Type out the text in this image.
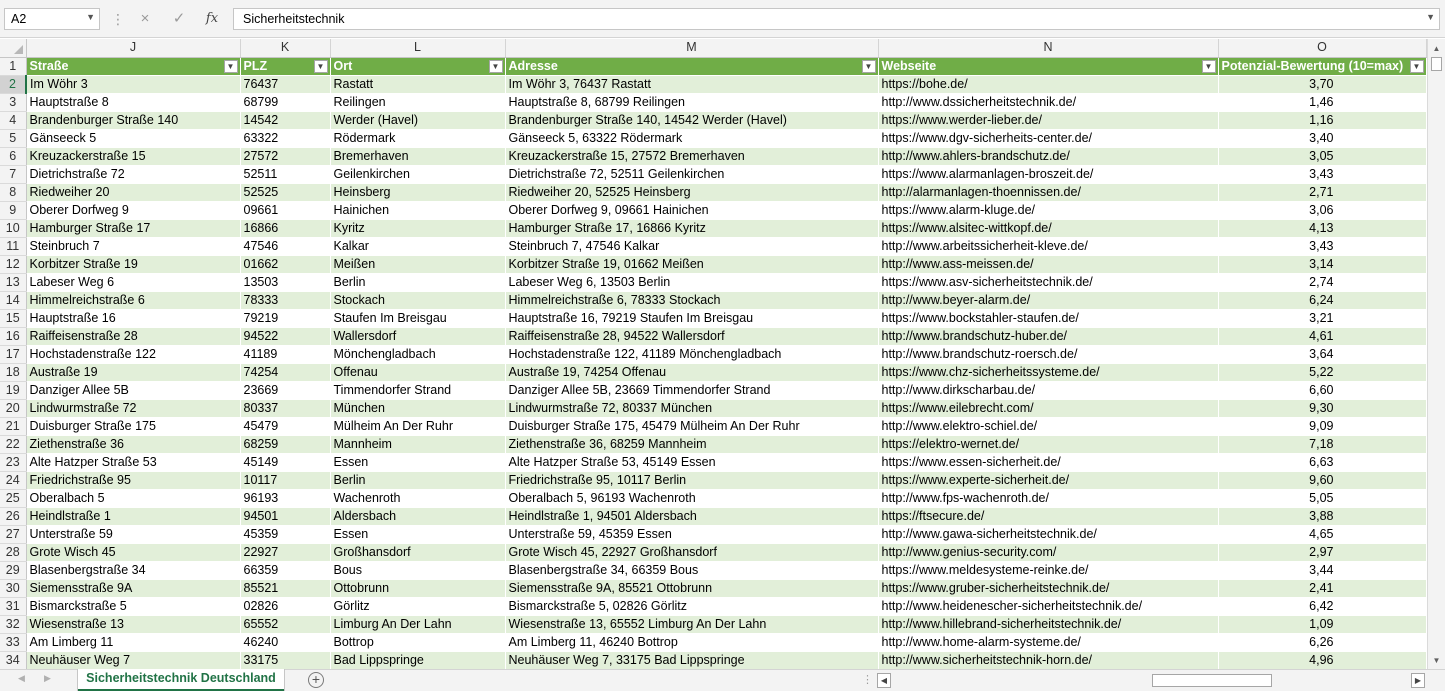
A2	▼ ⋮	×	✓	fx	Sicherheitstechnik	▼
	J	K	L	M	N	O
1	Straße ▼	PLZ ▼	Ort ▼	Adresse ▼	Webseite ▼	Potenzial-Bewertung (10=max) ▼

2	Im Wöhr 3	76437	Rastatt	Im Wöhr 3, 76437 Rastatt	https://bohe.de/	3,70
3	Hauptstraße 8	68799	Reilingen	Hauptstraße 8, 68799 Reilingen	http://www.dssicherheitstechnik.de/	1,46
4	Brandenburger Straße 140	14542	Werder (Havel)	Brandenburger Straße 140, 14542 Werder (Havel)	https://www.werder-lieber.de/	1,16
5	Gänseeck 5	63322	Rödermark	Gänseeck 5, 63322 Rödermark	https://www.dgv-sicherheits-center.de/	3,40
6	Kreuzackerstraße 15	27572	Bremerhaven	Kreuzackerstraße 15, 27572 Bremerhaven	http://www.ahlers-brandschutz.de/	3,05
7	Dietrichstraße 72	52511	Geilenkirchen	Dietrichstraße 72, 52511 Geilenkirchen	https://www.alarmanlagen-broszeit.de/	3,43
8	Riedweiher 20	52525	Heinsberg	Riedweiher 20, 52525 Heinsberg	http://alarmanlagen-thoennissen.de/	2,71
9	Oberer Dorfweg 9	09661	Hainichen	Oberer Dorfweg 9, 09661 Hainichen	https://www.alarm-kluge.de/	3,06
10	Hamburger Straße 17	16866	Kyritz	Hamburger Straße 17, 16866 Kyritz	https://www.alsitec-wittkopf.de/	4,13
11	Steinbruch 7	47546	Kalkar	Steinbruch 7, 47546 Kalkar	http://www.arbeitssicherheit-kleve.de/	3,43
12	Korbitzer Straße 19	01662	Meißen	Korbitzer Straße 19, 01662 Meißen	http://www.ass-meissen.de/	3,14
13	Labeser Weg 6	13503	Berlin	Labeser Weg 6, 13503 Berlin	https://www.asv-sicherheitstechnik.de/	2,74
14	Himmelreichstraße 6	78333	Stockach	Himmelreichstraße 6, 78333 Stockach	http://www.beyer-alarm.de/	6,24
15	Hauptstraße 16	79219	Staufen Im Breisgau	Hauptstraße 16, 79219 Staufen Im Breisgau	https://www.bockstahler-staufen.de/	3,21
16	Raiffeisenstraße 28	94522	Wallersdorf	Raiffeisenstraße 28, 94522 Wallersdorf	http://www.brandschutz-huber.de/	4,61
17	Hochstadenstraße 122	41189	Mönchengladbach	Hochstadenstraße 122, 41189 Mönchengladbach	http://www.brandschutz-roersch.de/	3,64
18	Austraße 19	74254	Offenau	Austraße 19, 74254 Offenau	https://www.chz-sicherheitssysteme.de/	5,22
19	Danziger Allee 5B	23669	Timmendorfer Strand	Danziger Allee 5B, 23669 Timmendorfer Strand	http://www.dirkscharbau.de/	6,60
20	Lindwurmstraße 72	80337	München	Lindwurmstraße 72, 80337 München	https://www.eilebrecht.com/	9,30
21	Duisburger Straße 175	45479	Mülheim An Der Ruhr	Duisburger Straße 175, 45479 Mülheim An Der Ruhr	http://www.elektro-schiel.de/	9,09
22	Ziethenstraße 36	68259	Mannheim	Ziethenstraße 36, 68259 Mannheim	https://elektro-wernet.de/	7,18
23	Alte Hatzper Straße 53	45149	Essen	Alte Hatzper Straße 53, 45149 Essen	https://www.essen-sicherheit.de/	6,63
24	Friedrichstraße 95	10117	Berlin	Friedrichstraße 95, 10117 Berlin	https://www.experte-sicherheit.de/	9,60
25	Oberalbach 5	96193	Wachenroth	Oberalbach 5, 96193 Wachenroth	http://www.fps-wachenroth.de/	5,05
26	Heindlstraße 1	94501	Aldersbach	Heindlstraße 1, 94501 Aldersbach	https://ftsecure.de/	3,88
27	Unterstraße 59	45359	Essen	Unterstraße 59, 45359 Essen	http://www.gawa-sicherheitstechnik.de/	4,65
28	Grote Wisch 45	22927	Großhansdorf	Grote Wisch 45, 22927 Großhansdorf	http://www.genius-security.com/	2,97
29	Blasenbergstraße 34	66359	Bous	Blasenbergstraße 34, 66359 Bous	https://www.meldesysteme-reinke.de/	3,44
30	Siemensstraße 9A	85521	Ottobrunn	Siemensstraße 9A, 85521 Ottobrunn	https://www.gruber-sicherheitstechnik.de/	2,41
31	Bismarckstraße 5	02826	Görlitz	Bismarckstraße 5, 02826 Görlitz	http://www.heidenescher-sicherheitstechnik.de/	6,42
32	Wiesenstraße 13	65552	Limburg An Der Lahn	Wiesenstraße 13, 65552 Limburg An Der Lahn	http://www.hillebrand-sicherheitstechnik.de/	1,09
33	Am Limberg 11	46240	Bottrop	Am Limberg 11, 46240 Bottrop	http://www.home-alarm-systeme.de/	6,26
34	Neuhäuser Weg 7	33175	Bad Lippspringe	Neuhäuser Weg 7, 33175 Bad Lippspringe	http://www.sicherheitstechnik-horn.de/	4,96
▲
▼
◀ ▶	Sicherheitstechnik Deutschland	+	⋮ ◀	▶
